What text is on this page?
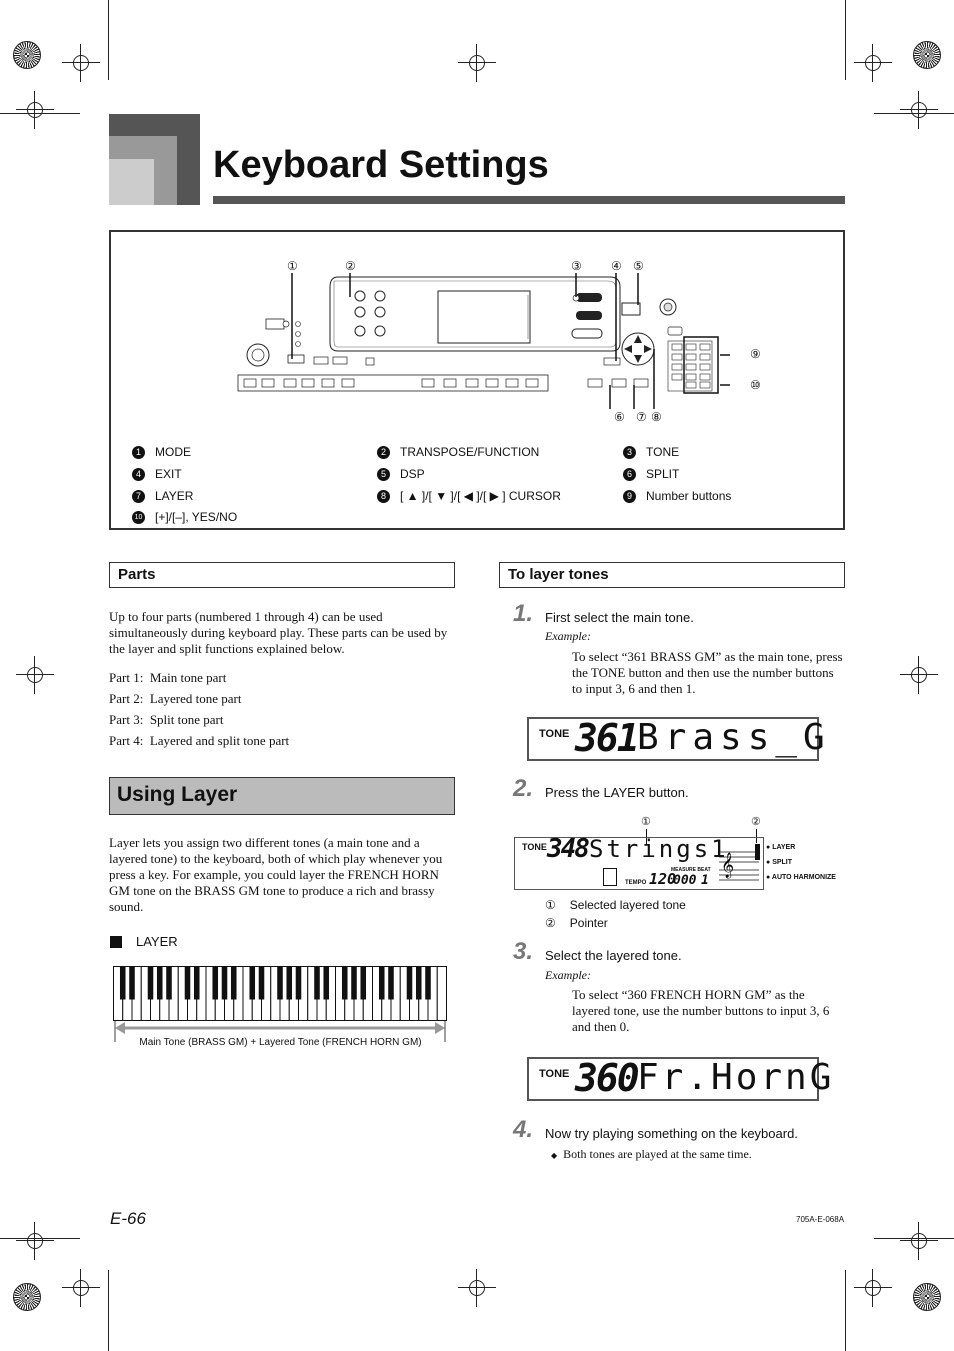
Keyboard Settings
①	②	③ ④ ⑤
⑨
⑩
⑥ ⑦ ⑧
1 MODE	2 TRANSPOSE/FUNCTION	3 TONE
4 EXIT	5 DSP	6 SPLIT
7 LAYER	8 [ ▲ ]/[ ▼ ]/[ ◀ ]/[ ▶ ] CURSOR	9 Number buttons
10 [+]/[–], YES/NO
Parts
Up to four parts (numbered 1 through 4) can be used simultaneously during keyboard play. These parts can be used by the layer and split functions explained below.
Part 1: Main tone part
Part 2: Layered tone part
Part 3: Split tone part
Part 4: Layered and split tone part
Using Layer
Layer lets you assign two different tones (a main tone and a layered tone) to the keyboard, both of which play whenever you press a key. For example, you could layer the FRENCH HORN GM tone on the BRASS GM tone to produce a rich and brassy sound.
LAYER
Main Tone (BRASS GM) + Layered Tone (FRENCH HORN GM)
To layer tones
1. First select the main tone.
Example:
To select “361 BRASS GM” as the main tone, press the TONE button and then use the number buttons to input 3, 6 and then 1.
TONE 361 Brass_G
2. Press the LAYER button.
①	②
TONE 348 Strings1
TEMPO 120
MEASURE BEAT
000 1
𝄞
● LAYER
● SPLIT
● AUTO HARMONIZE
① Selected layered tone
② Pointer
3. Select the layered tone.
Example:
To select “360 FRENCH HORN GM” as the layered tone, use the number buttons to input 3, 6 and then 0.
TONE 360 Fr.HornG
4. Now try playing something on the keyboard.
◆ Both tones are played at the same time.
E-66	705A-E-068A
